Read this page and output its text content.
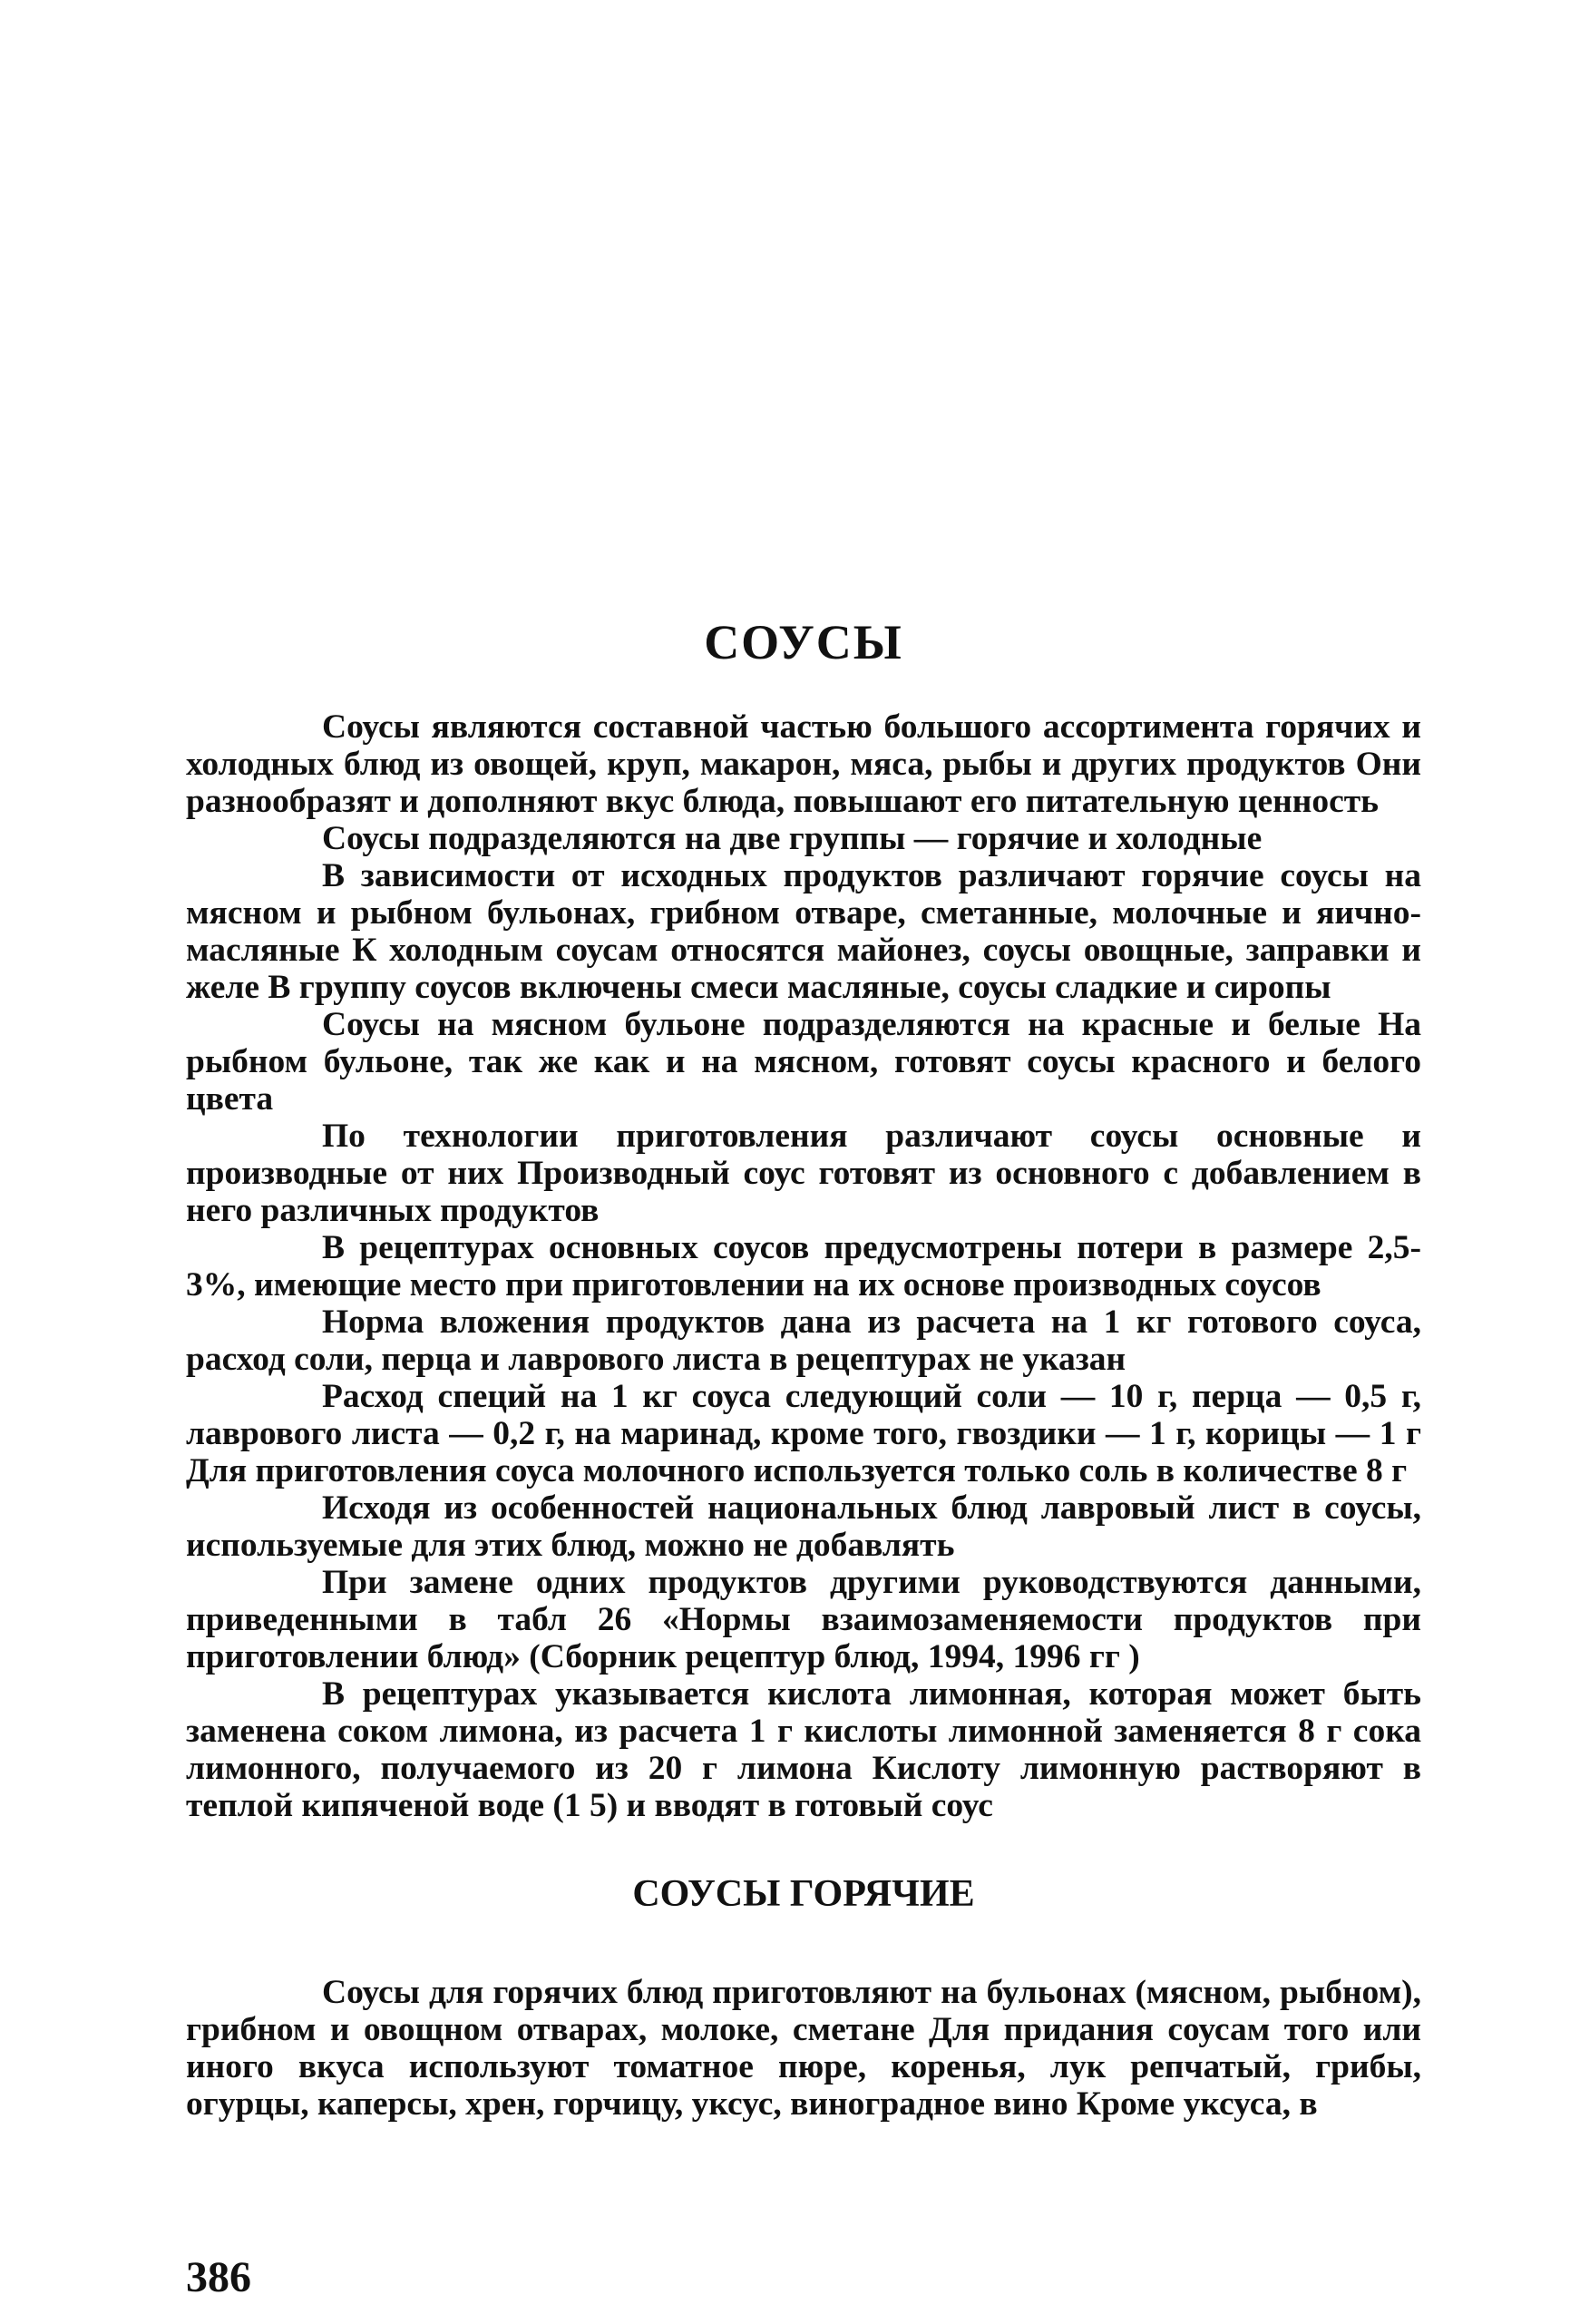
СОУСЫ

Соусы являются составной частью большого ассортимента горячих и холодных блюд из овощей, круп, макарон, мяса, рыбы и других продуктов Они разнообразят и дополняют вкус блюда, повышают его питательную ценность

Соусы подразделяются на две группы — горячие и холодные

В зависимости от исходных продуктов различают горячие соусы на мясном и рыбном бульонах, грибном отваре, сметанные, молочные и яично-масляные К холодным соусам относятся майонез, соусы овощные, заправки и желе В группу соусов включены смеси масляные, соусы сладкие и сиропы

Соусы на мясном бульоне подразделяются на красные и белые На рыбном бульоне, так же как и на мясном, готовят соусы красного и белого цвета

По технологии приготовления различают соусы основные и производные от них Производный соус готовят из основного с добавлением в него различных продуктов

В рецептурах основных соусов предусмотрены потери в размере 2,5-3%, имеющие место при приготовлении на их основе производных соусов

Норма вложения продуктов дана из расчета на 1 кг готового соуса, расход соли, перца и лаврового листа в рецептурах не указан

Расход специй на 1 кг соуса следующий соли — 10 г, перца — 0,5 г, лаврового листа — 0,2 г, на маринад, кроме того, гвоздики — 1 г, корицы — 1 г Для приготовления соуса молочного используется только соль в количестве 8 г

Исходя из особенностей национальных блюд лавровый лист в соусы, используемые для этих блюд, можно не добавлять

При замене одних продуктов другими руководствуются данными, приведенными в табл 26 «Нормы взаимозаменяемости продуктов при приготовлении блюд» (Сборник рецептур блюд, 1994, 1996 гг )

В рецептурах указывается кислота лимонная, которая может быть заменена соком лимона, из расчета 1 г кислоты лимонной заменяется 8 г сока лимонного, получаемого из 20 г лимона Кислоту лимонную растворяют в теплой кипяченой воде (1 5) и вводят в готовый соус

СОУСЫ ГОРЯЧИЕ

Соусы для горячих блюд приготовляют на бульонах (мясном, рыбном), грибном и овощном отварах, молоке, сметане Для придания соусам того или иного вкуса используют томатное пюре, коренья, лук репчатый, грибы, огурцы, каперсы, хрен, горчицу, уксус, виноградное вино Кроме уксуса, в

386
